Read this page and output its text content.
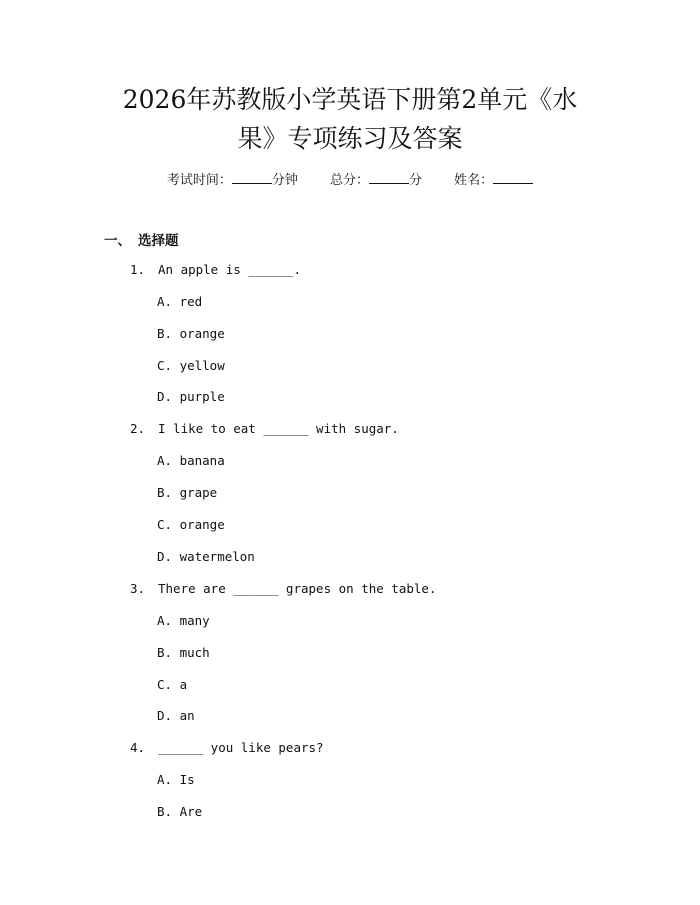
2026年苏教版小学英语下册第2单元《水
果》专项练习及答案
考试时间：	分钟 总分：	分 姓名：
一、 选择题
1. An apple is ______.
A. red
B. orange
C. yellow
D. purple
2. I like to eat ______ with sugar.
A. banana
B. grape
C. orange
D. watermelon
3. There are ______ grapes on the table.
A. many
B. much
C. a
D. an
4. ______ you like pears?
A. Is
B. Are
